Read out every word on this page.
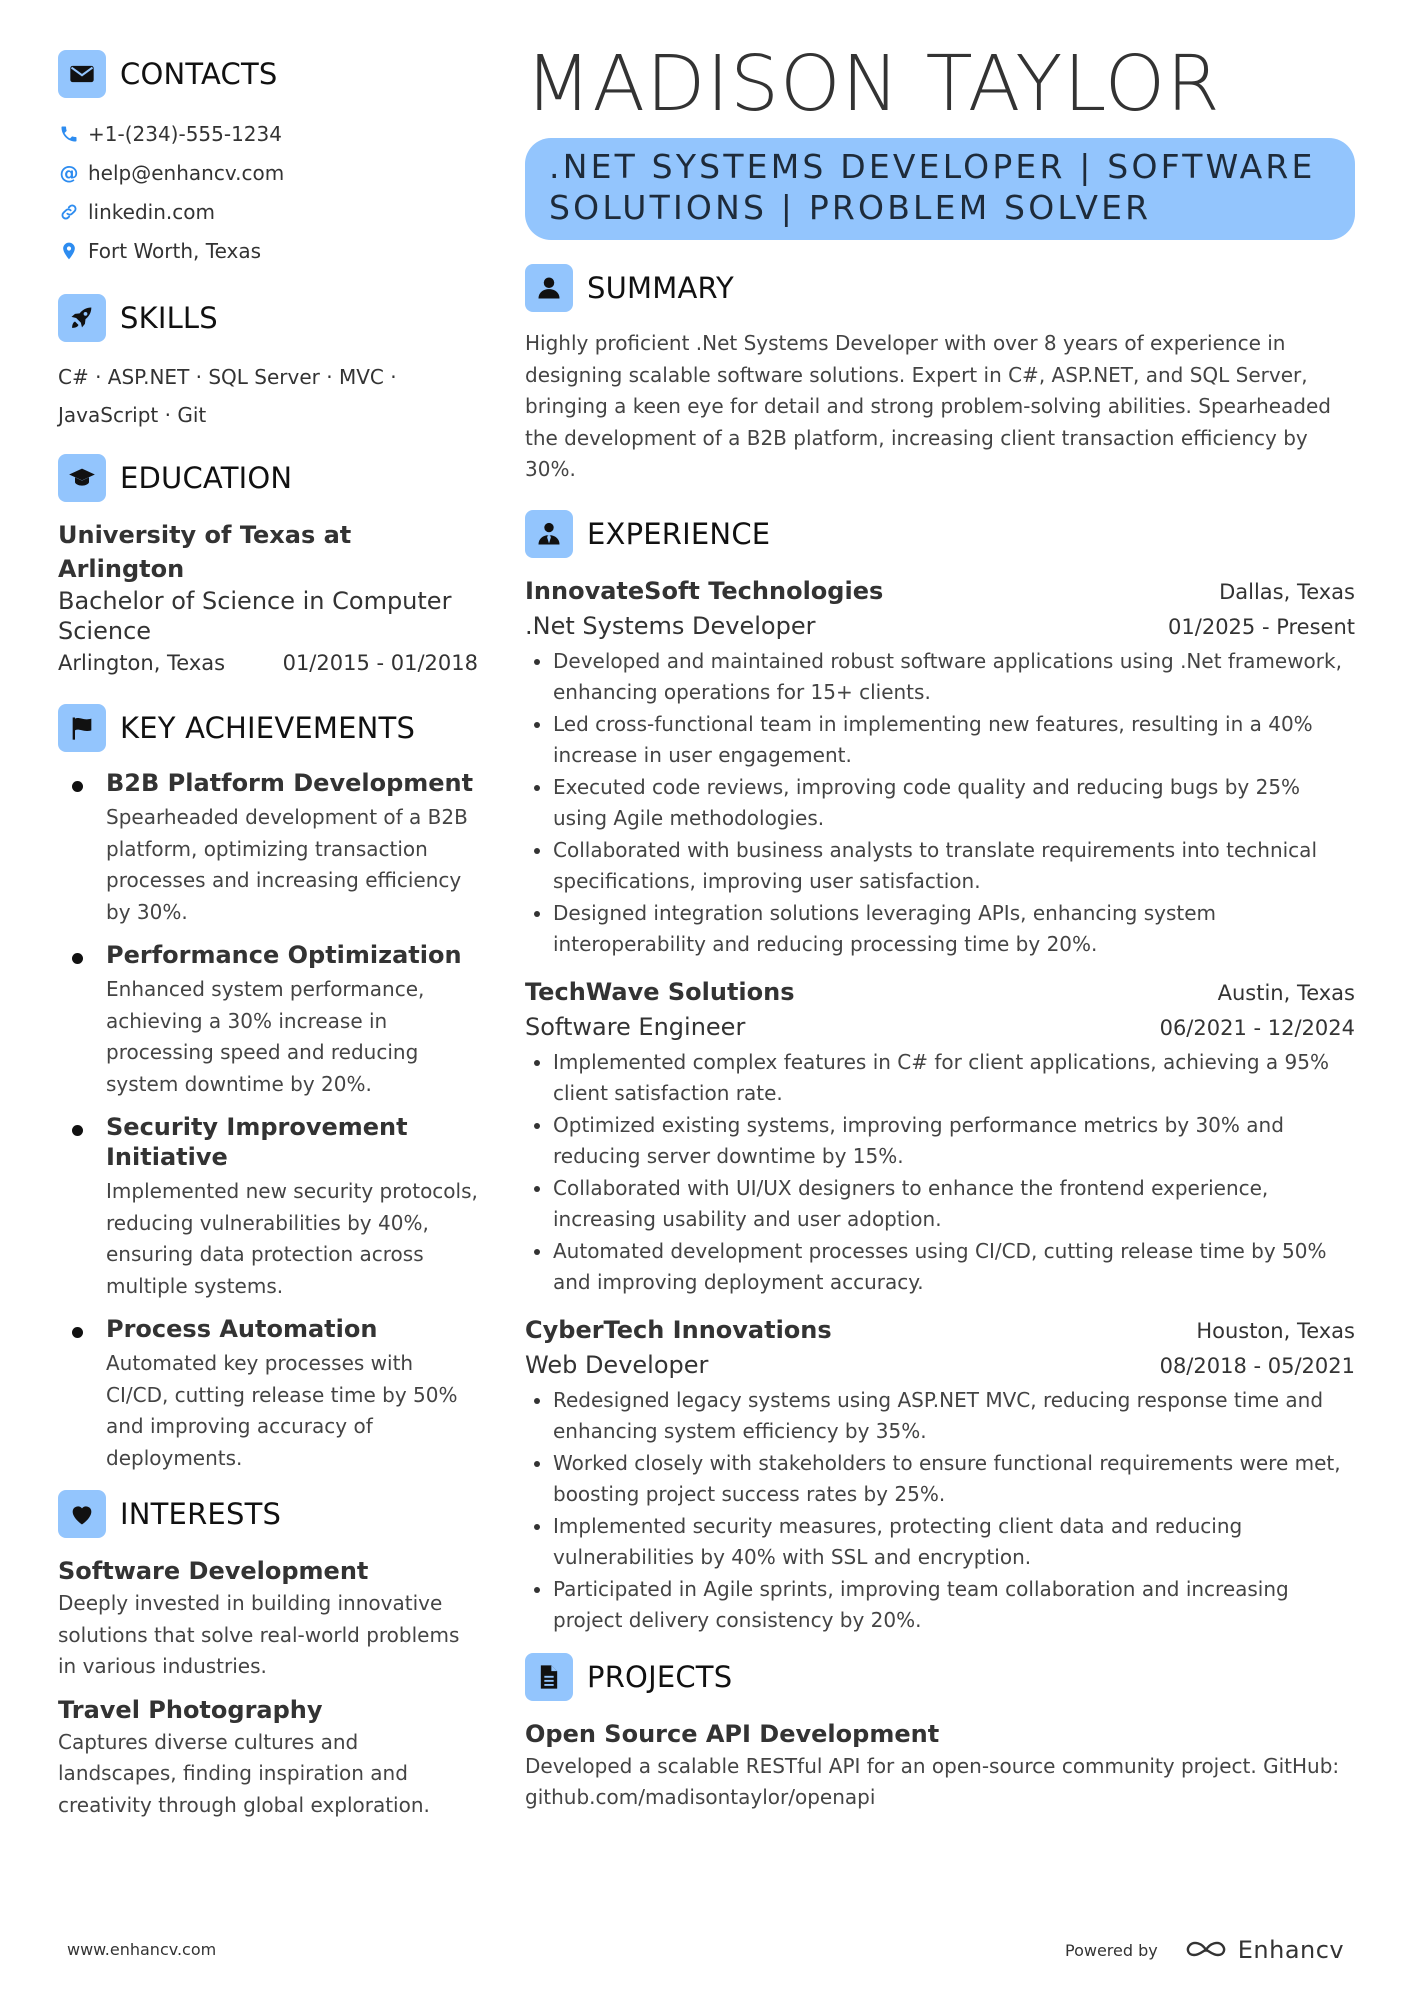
CONTACTS
+1-(234)-555-1234
@ help@enhancv.com
linkedin.com
Fort Worth, Texas
SKILLS
C# · ASP.NET · SQL Server · MVC · JavaScript · Git
EDUCATION
University of Texas at Arlington
Bachelor of Science in Computer Science
Arlington, Texas	01/2015 - 01/2018
KEY ACHIEVEMENTS
B2B Platform Development
Spearheaded development of a B2B platform, optimizing transaction processes and increasing efficiency by 30%.
Performance Optimization
Enhanced system performance, achieving a 30% increase in processing speed and reducing system downtime by 20%.
Security Improvement Initiative
Implemented new security protocols, reducing vulnerabilities by 40%, ensuring data protection across multiple systems.
Process Automation
Automated key processes with CI/CD, cutting release time by 50% and improving accuracy of deployments.
INTERESTS
Software Development
Deeply invested in building innovative solutions that solve real-world problems in various industries.
Travel Photography
Captures diverse cultures and landscapes, finding inspiration and creativity through global exploration.
MADISON TAYLOR
.NET SYSTEMS DEVELOPER | SOFTWARE SOLUTIONS | PROBLEM SOLVER
SUMMARY
Highly proficient .Net Systems Developer with over 8 years of experience in designing scalable software solutions. Expert in C#, ASP.NET, and SQL Server, bringing a keen eye for detail and strong problem-solving abilities. Spearheaded the development of a B2B platform, increasing client transaction efficiency by 30%.
EXPERIENCE
InnovateSoft Technologies	Dallas, Texas
.Net Systems Developer	01/2025 - Present
Developed and maintained robust software applications using .Net framework, enhancing operations for 15+ clients.
Led cross-functional team in implementing new features, resulting in a 40% increase in user engagement.
Executed code reviews, improving code quality and reducing bugs by 25% using Agile methodologies.
Collaborated with business analysts to translate requirements into technical specifications, improving user satisfaction.
Designed integration solutions leveraging APIs, enhancing system interoperability and reducing processing time by 20%.
TechWave Solutions	Austin, Texas
Software Engineer	06/2021 - 12/2024
Implemented complex features in C# for client applications, achieving a 95% client satisfaction rate.
Optimized existing systems, improving performance metrics by 30% and reducing server downtime by 15%.
Collaborated with UI/UX designers to enhance the frontend experience, increasing usability and user adoption.
Automated development processes using CI/CD, cutting release time by 50% and improving deployment accuracy.
CyberTech Innovations	Houston, Texas
Web Developer	08/2018 - 05/2021
Redesigned legacy systems using ASP.NET MVC, reducing response time and enhancing system efficiency by 35%.
Worked closely with stakeholders to ensure functional requirements were met, boosting project success rates by 25%.
Implemented security measures, protecting client data and reducing vulnerabilities by 40% with SSL and encryption.
Participated in Agile sprints, improving team collaboration and increasing project delivery consistency by 20%.
PROJECTS
Open Source API Development
Developed a scalable RESTful API for an open-source community project. GitHub: github.com/madisontaylor/openapi
www.enhancv.com	Powered by	Enhancv
